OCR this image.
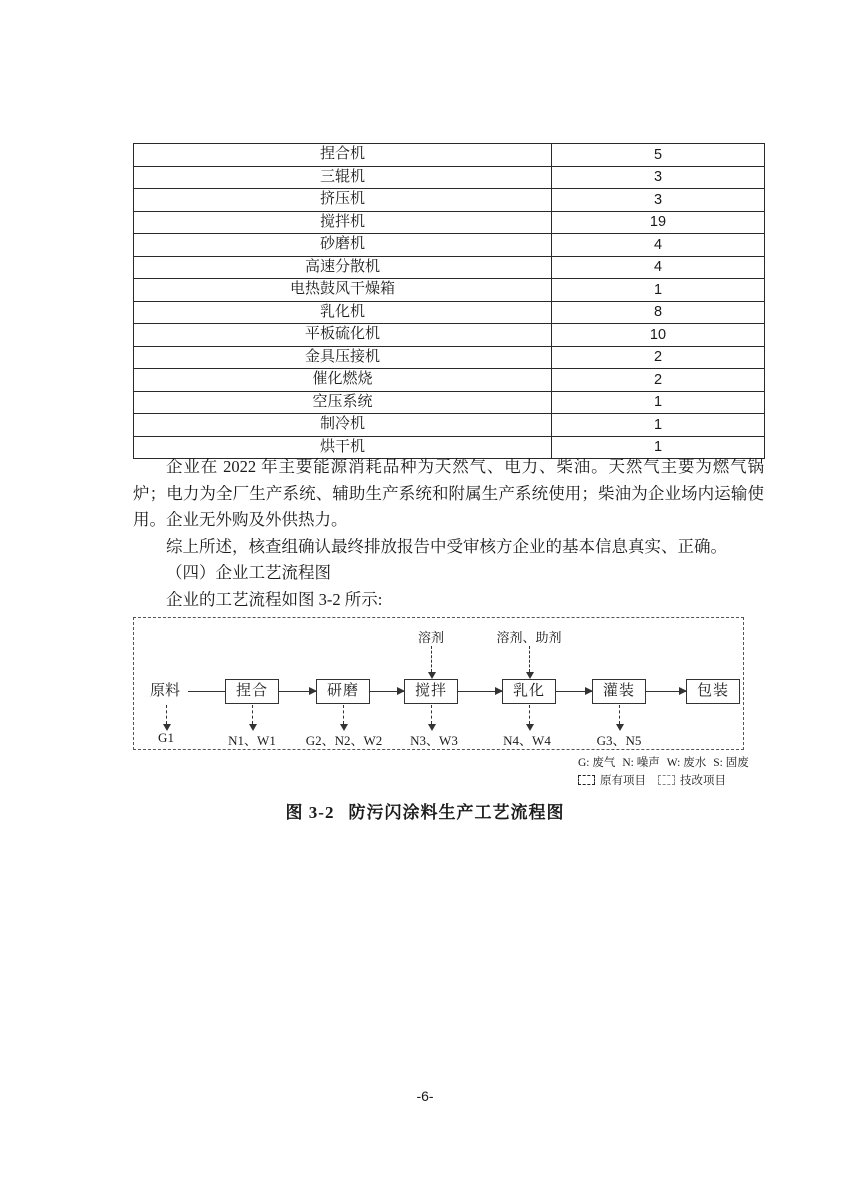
捏合机	5
三辊机	3
挤压机	3
搅拌机	19
砂磨机	4
高速分散机	4
电热鼓风干燥箱	1
乳化机	8
平板硫化机	10
金具压接机	2
催化燃烧	2
空压系统	1
制冷机	1
烘干机	1

企业在 2022 年主要能源消耗品种为天然气、电力、柴油。天然气主要为燃气锅炉；电力为全厂生产系统、辅助生产系统和附属生产系统使用；柴油为企业场内运输使用。企业无外购及外供热力。

综上所述，核查组确认最终排放报告中受审核方企业的基本信息真实、正确。

（四）企业工艺流程图

企业的工艺流程如图 3-2 所示:

溶剂	溶剂、助剂
原料	捏合	研磨	搅拌	乳化	灌装	包装
G1	N1、W1 G2、N2、W2 N3、W3	N4、W4	G3、N5
G: 废气 N: 噪声 W: 废水 S: 固废
原有项目	技改项目
图 3-2 防污闪涂料生产工艺流程图
-6-
